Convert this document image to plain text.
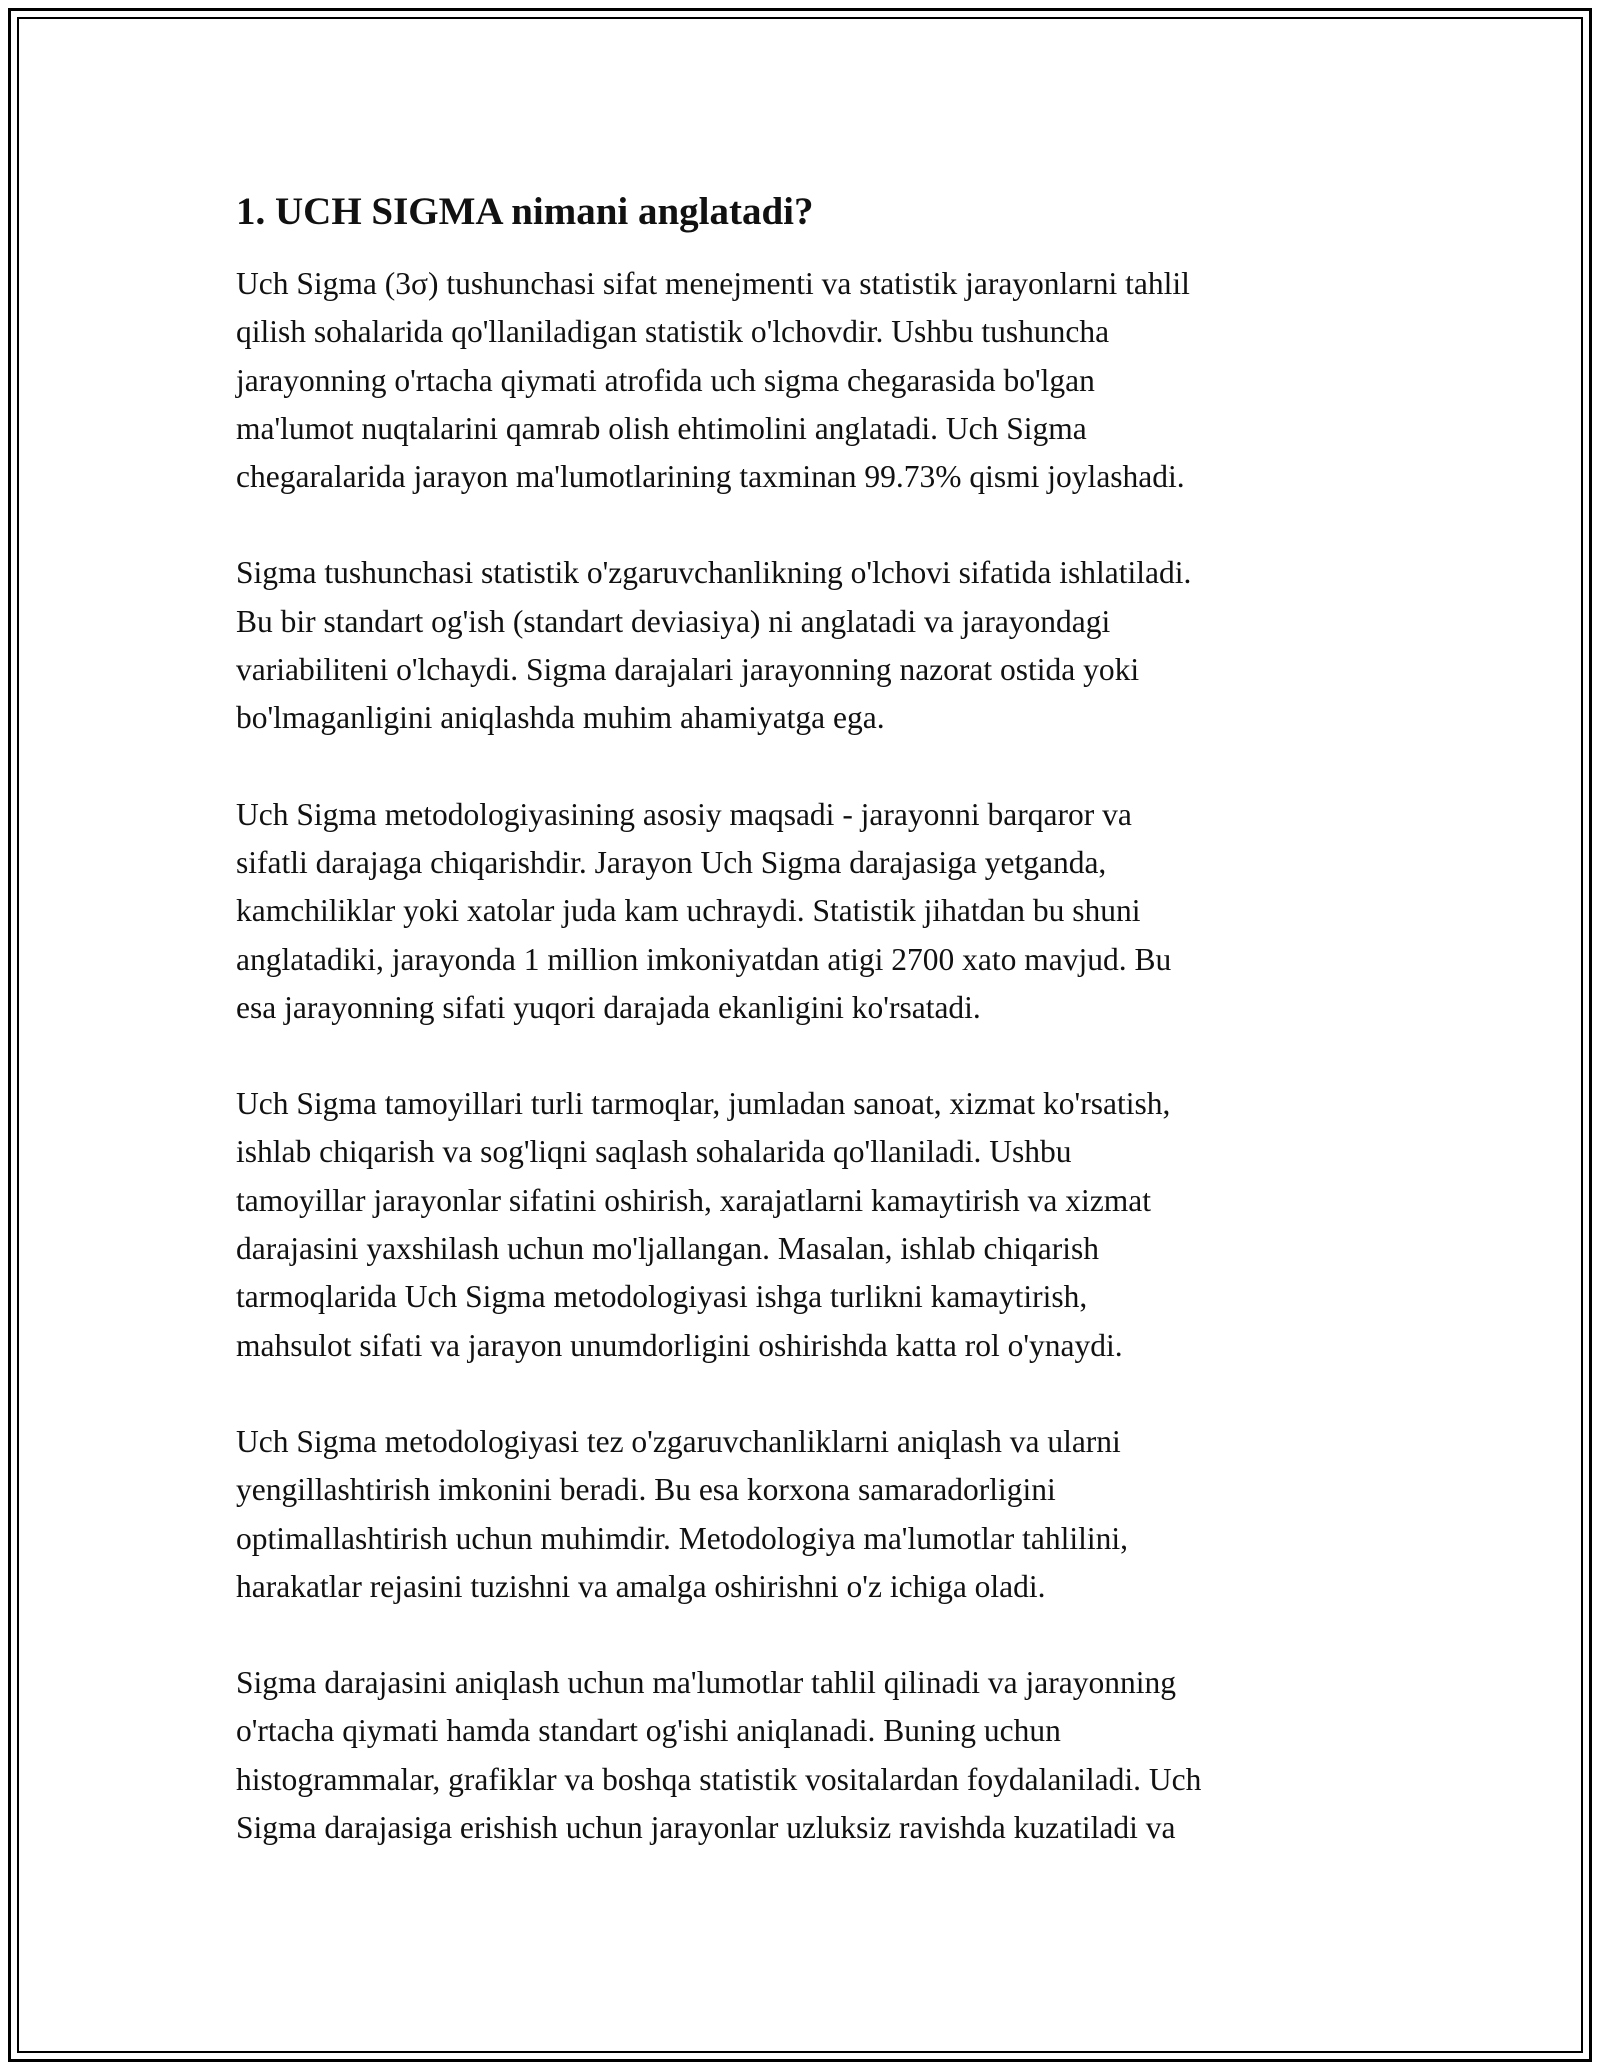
1. UCH SIGMA nimani anglatadi?

Uch Sigma (3σ) tushunchasi sifat menejmenti va statistik jarayonlarni tahlil
qilish sohalarida qo'llaniladigan statistik o'lchovdir. Ushbu tushuncha
jarayonning o'rtacha qiymati atrofida uch sigma chegarasida bo'lgan
ma'lumot nuqtalarini qamrab olish ehtimolini anglatadi. Uch Sigma
chegaralarida jarayon ma'lumotlarining taxminan 99.73% qismi joylashadi.

Sigma tushunchasi statistik o'zgaruvchanlikning o'lchovi sifatida ishlatiladi.
Bu bir standart og'ish (standart deviasiya) ni anglatadi va jarayondagi
variabiliteni o'lchaydi. Sigma darajalari jarayonning nazorat ostida yoki
bo'lmaganligini aniqlashda muhim ahamiyatga ega.

Uch Sigma metodologiyasining asosiy maqsadi - jarayonni barqaror va
sifatli darajaga chiqarishdir. Jarayon Uch Sigma darajasiga yetganda,
kamchiliklar yoki xatolar juda kam uchraydi. Statistik jihatdan bu shuni
anglatadiki, jarayonda 1 million imkoniyatdan atigi 2700 xato mavjud. Bu
esa jarayonning sifati yuqori darajada ekanligini ko'rsatadi.

Uch Sigma tamoyillari turli tarmoqlar, jumladan sanoat, xizmat ko'rsatish,
ishlab chiqarish va sog'liqni saqlash sohalarida qo'llaniladi. Ushbu
tamoyillar jarayonlar sifatini oshirish, xarajatlarni kamaytirish va xizmat
darajasini yaxshilash uchun mo'ljallangan. Masalan, ishlab chiqarish
tarmoqlarida Uch Sigma metodologiyasi ishga turlikni kamaytirish,
mahsulot sifati va jarayon unumdorligini oshirishda katta rol o'ynaydi.

Uch Sigma metodologiyasi tez o'zgaruvchanliklarni aniqlash va ularni
yengillashtirish imkonini beradi. Bu esa korxona samaradorligini
optimallashtirish uchun muhimdir. Metodologiya ma'lumotlar tahlilini,
harakatlar rejasini tuzishni va amalga oshirishni o'z ichiga oladi.

Sigma darajasini aniqlash uchun ma'lumotlar tahlil qilinadi va jarayonning
o'rtacha qiymati hamda standart og'ishi aniqlanadi. Buning uchun
histogrammalar, grafiklar va boshqa statistik vositalardan foydalaniladi. Uch
Sigma darajasiga erishish uchun jarayonlar uzluksiz ravishda kuzatiladi va
